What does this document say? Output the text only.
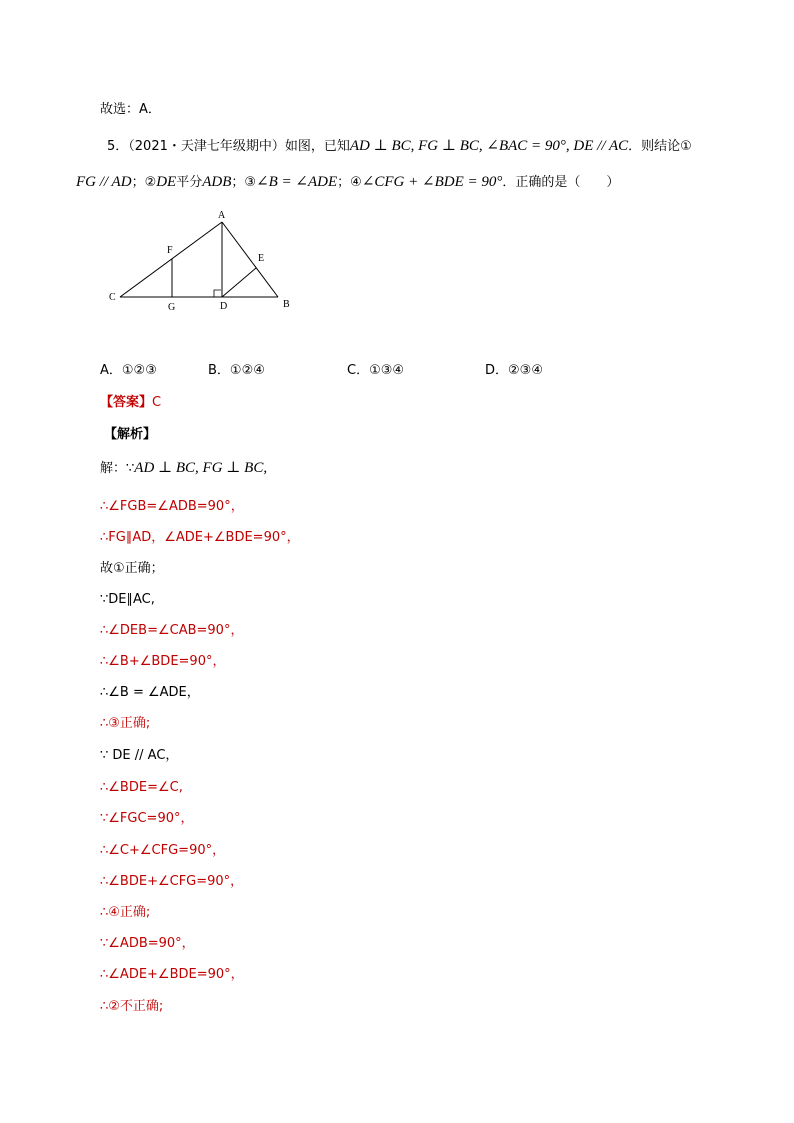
故选：A．
5．（2021・天津七年级期中）如图，已知AD ⊥ BC, FG ⊥ BC, ∠BAC = 90°, DE // AC．则结论①
FG // AD；②DE平分ADB；③∠B = ∠ADE；④∠CFG + ∠BDE = 90°．正确的是（　　）
A
B
C
D
E
F
G
A．①②③	B．①②④	C．①③④	D．②③④
【答案】C
【解析】
解：∵AD ⊥ BC, FG ⊥ BC,
∴∠FGB=∠ADB=90°，
∴FG∥AD，∠ADE+∠BDE=90°，
故①正确；
∵DE∥AC,
∴∠DEB=∠CAB=90°，
∴∠B+∠BDE=90°，
∴∠B = ∠ADE，
∴③正确;
∵ DE // AC，
∴∠BDE=∠C,
∵∠FGC=90°，
∴∠C+∠CFG=90°，
∴∠BDE+∠CFG=90°，
∴④正确;
∵∠ADB=90°，
∴∠ADE+∠BDE=90°，
∴②不正确;
